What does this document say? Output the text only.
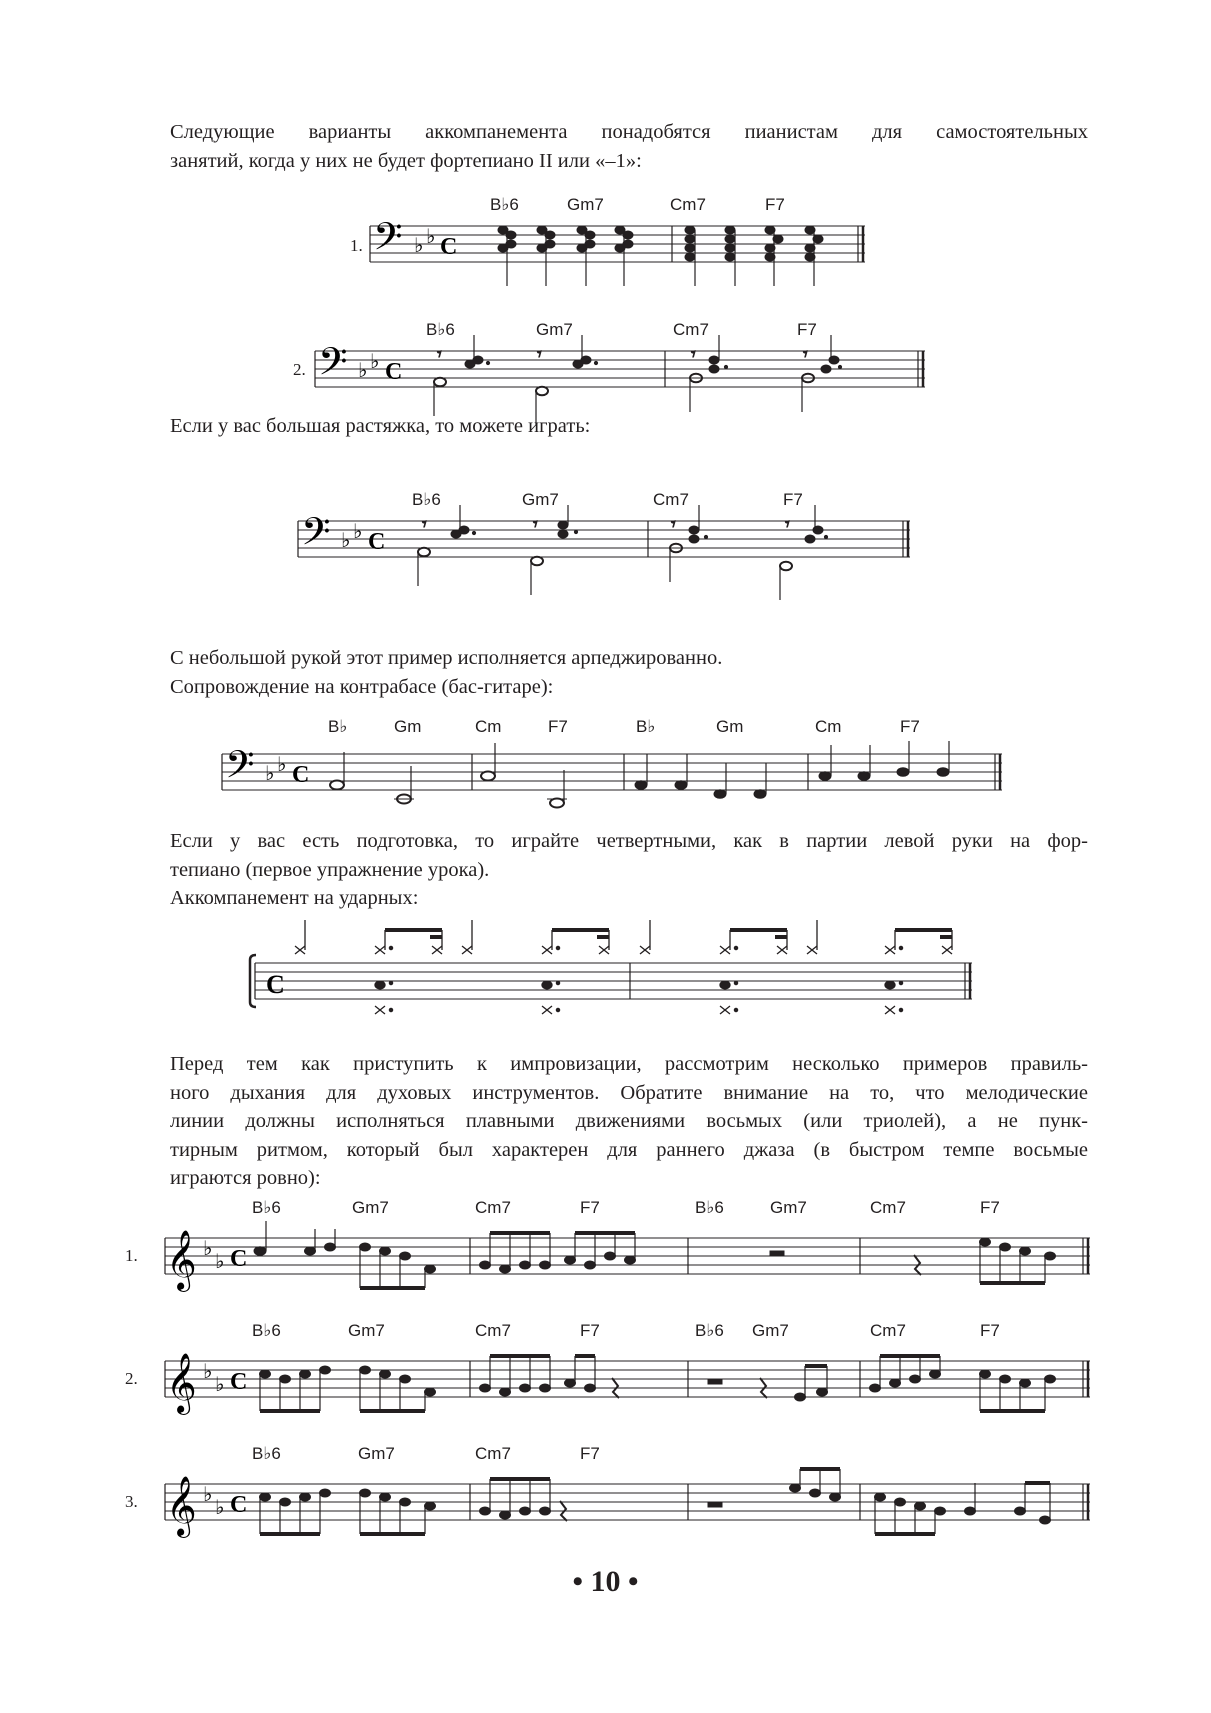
Следующие варианты аккомпанемента понадобятся пианистам для самостоятельных
занятий, когда у них не будет фортепиано II или «–1»:
1.
B♭6	Gm7	Cm7	F7
𝄢 ♭ ♭ C
2.
B♭6	Gm7	Cm7	F7
𝄢 ♭ ♭ C
𝄾	𝄾	𝄾	𝄾
Если у вас большая растяжка, то можете играть:
B♭6	Gm7	Cm7	F7
𝄢 ♭ ♭ C
𝄾	𝄾	𝄾	𝄾
С небольшой рукой этот пример исполняется арпеджированно.
Сопровождение на контрабасе (бас-гитаре):
B♭	Gm	Cm	F7	B♭	Gm	Cm	F7
𝄢 ♭ ♭ C
Если у вас есть подготовка, то играйте четвертными, как в партии левой руки на фор-
тепиано (первое упражнение урока).
Аккомпанемент на ударных:
C
Перед тем как приступить к импровизации, рассмотрим несколько примеров правиль-
ного дыхания для духовых инструментов. Обратите внимание на то, что мелодические
линии должны исполняться плавными движениями восьмых (или триолей), а не пунк-
тирным ритмом, который был характерен для раннего джаза (в быстром темпе восьмые
играются ровно):
1.
B♭6	Gm7	Cm7	F7	B♭6	Gm7	Cm7	F7
𝄞 ♭
♭ C
2.
B♭6	Gm7	Cm7	F7	B♭6 Gm7	Cm7	F7
𝄞 ♭
♭ C
3.
B♭6	Gm7	Cm7	F7
𝄞 ♭
♭ C
• 10 •
